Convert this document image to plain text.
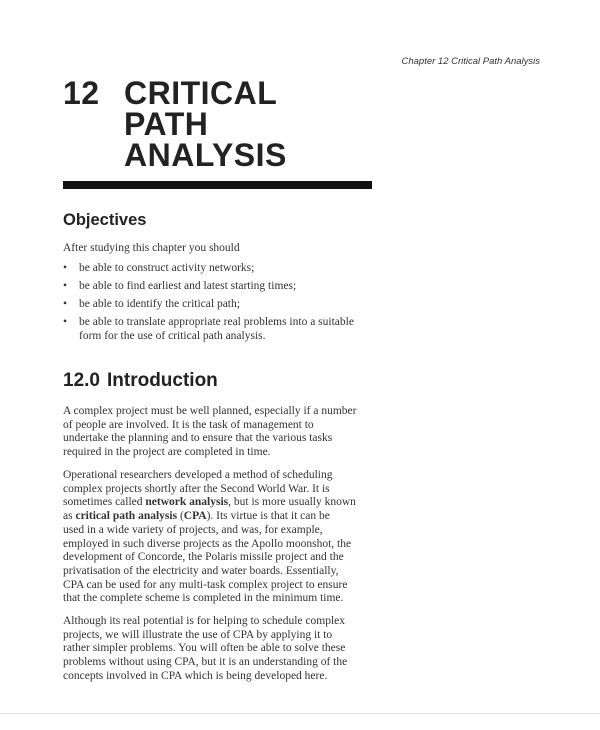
Chapter 12 Critical Path Analysis
12 CRITICAL
PATH
ANALYSIS
Objectives
After studying this chapter you should
• be able to construct activity networks;
• be able to find earliest and latest starting times;
• be able to identify the critical path;
• be able to translate appropriate real problems into a suitable
form for the use of critical path analysis.
12.0 Introduction
A complex project must be well planned, especially if a number
of people are involved. It is the task of management to
undertake the planning and to ensure that the various tasks
required in the project are completed in time.
Operational researchers developed a method of scheduling
complex projects shortly after the Second World War. It is
sometimes called network analysis, but is more usually known
as critical path analysis (CPA). Its virtue is that it can be
used in a wide variety of projects, and was, for example,
employed in such diverse projects as the Apollo moonshot, the
development of Concorde, the Polaris missile project and the
privatisation of the electricity and water boards. Essentially,
CPA can be used for any multi-task complex project to ensure
that the complete scheme is completed in the minimum time.
Although its real potential is for helping to schedule complex
projects, we will illustrate the use of CPA by applying it to
rather simpler problems. You will often be able to solve these
problems without using CPA, but it is an understanding of the
concepts involved in CPA which is being developed here.
